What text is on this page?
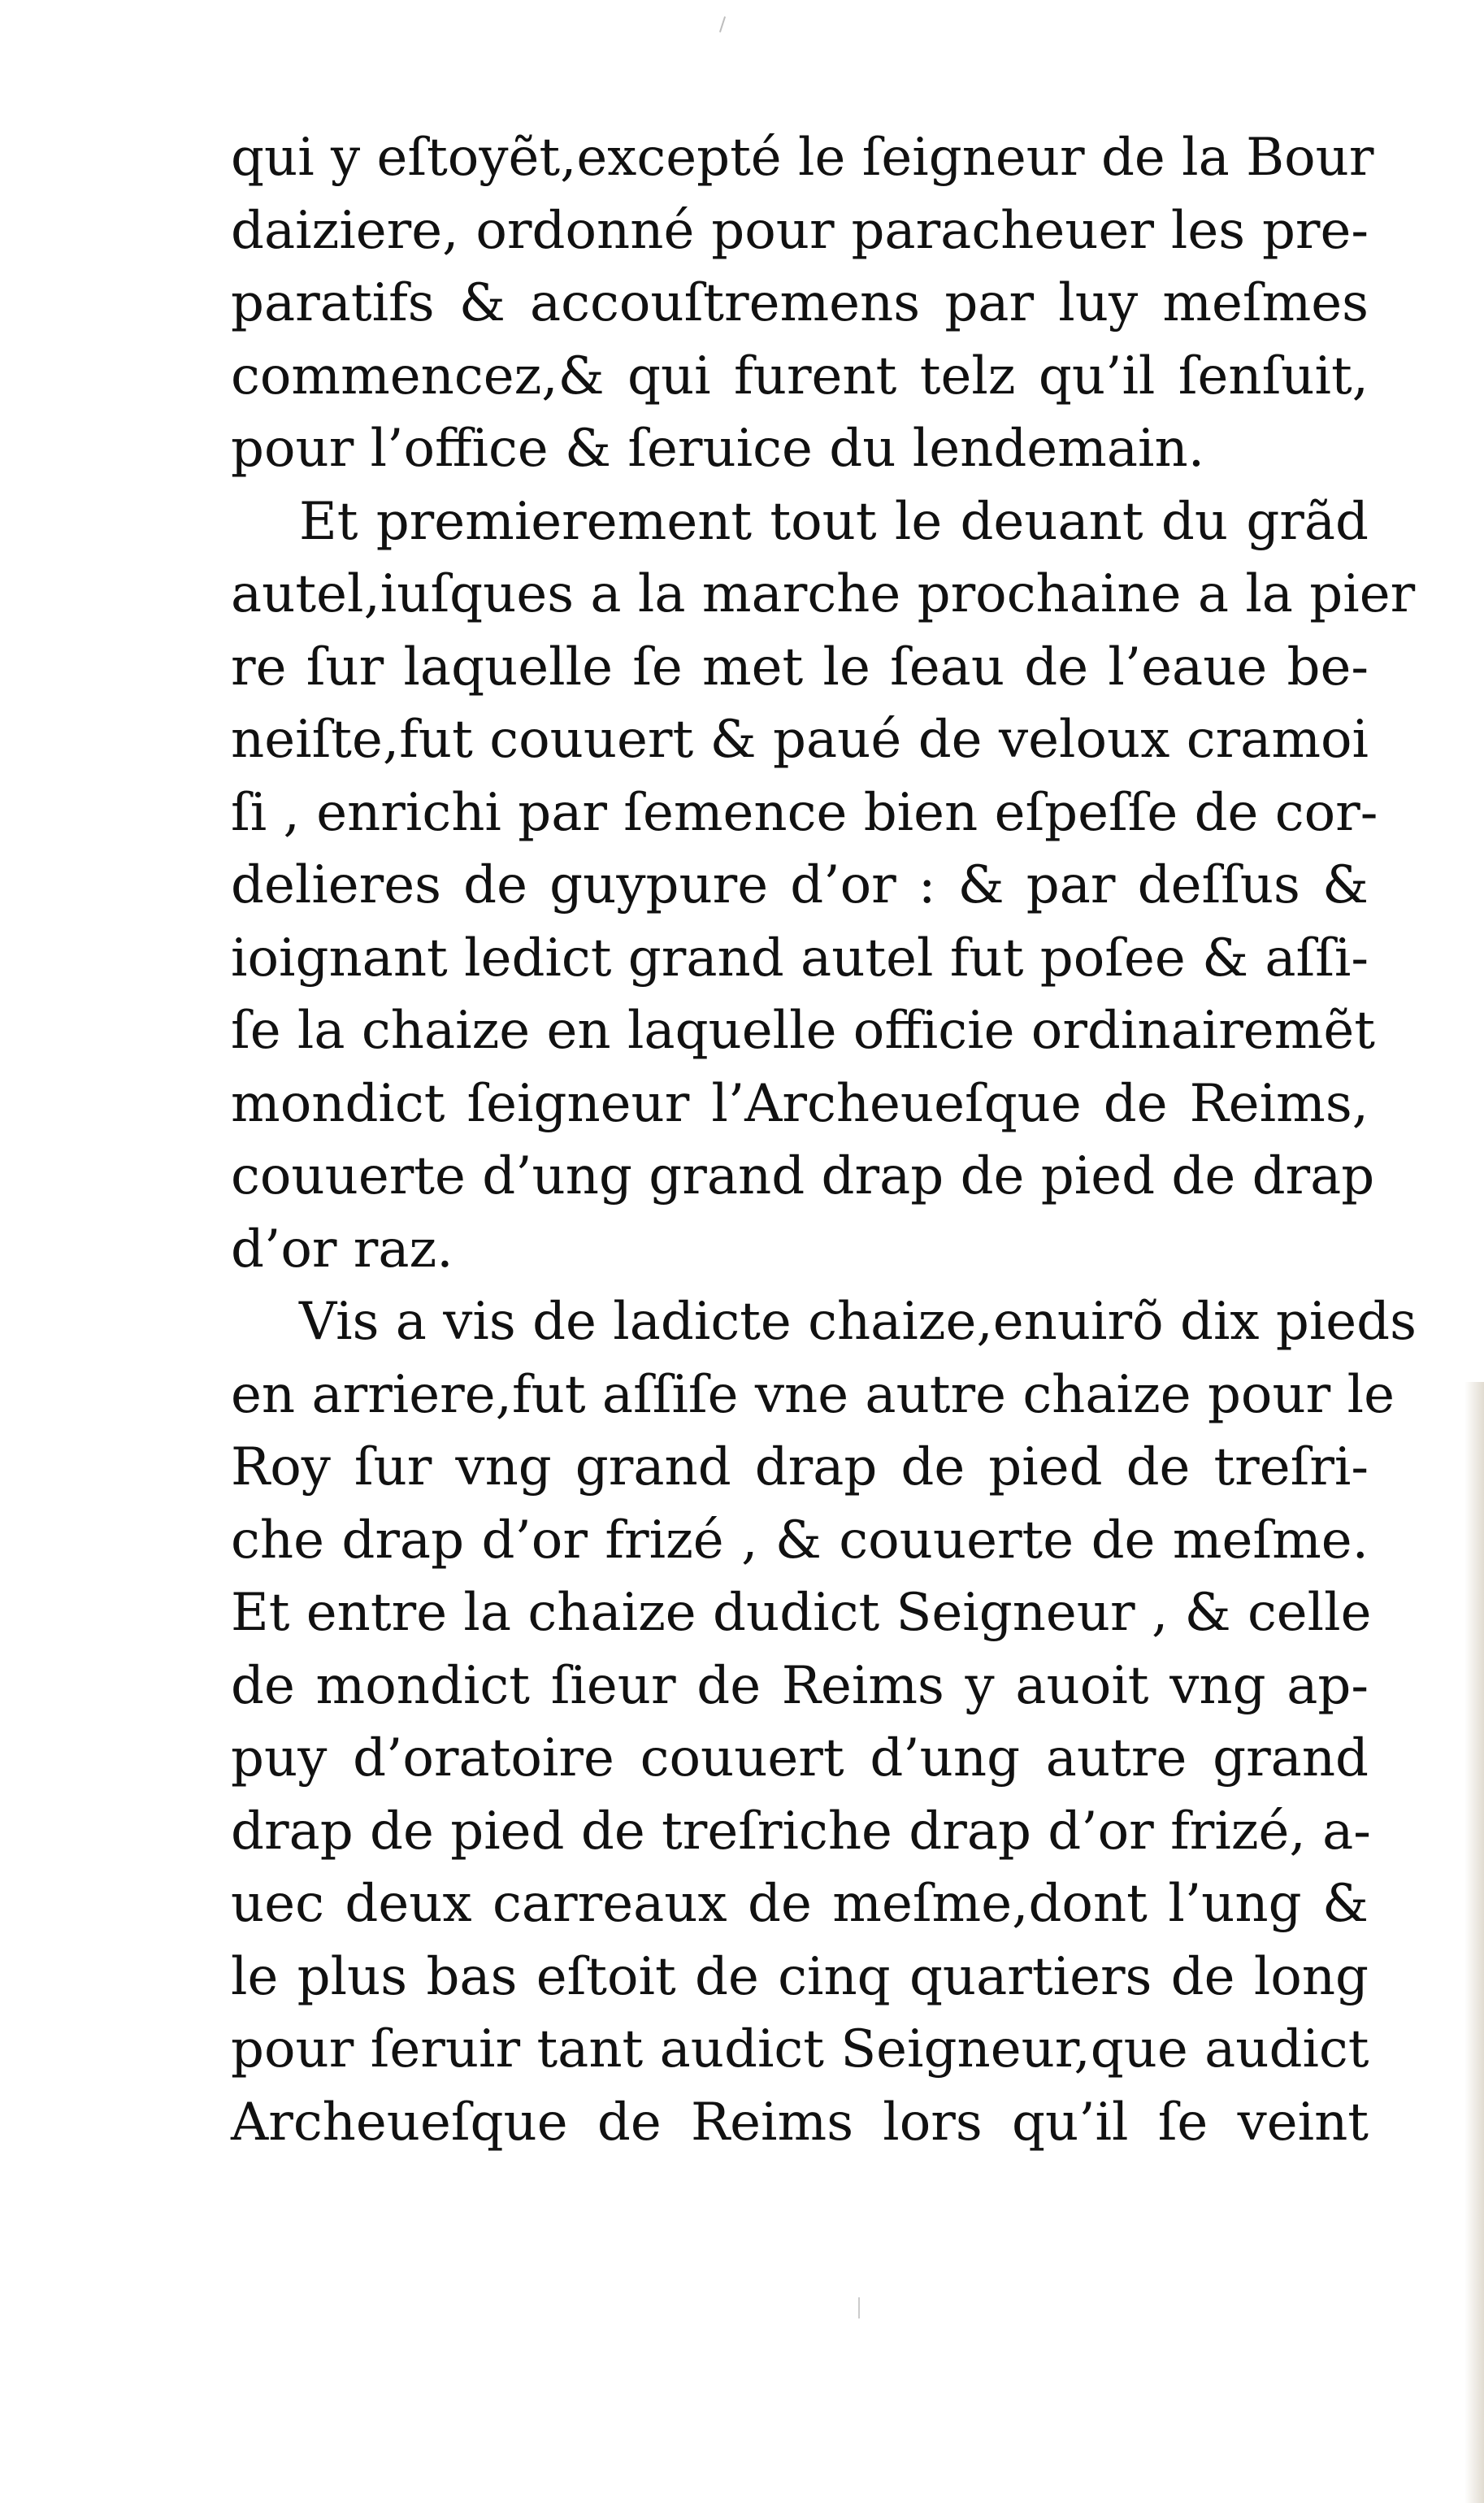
qui y eſtoyẽt,excepté le ſeigneur de la Bour
daiziere, ordonné pour paracheuer les pre-
paratifs & accouſtremens par luy meſmes
commencez,& qui furent telz qu’il ſenſuit,
pour l’office & ſeruice du lendemain.
Et premierement tout le deuant du grãd
autel,iuſques a la marche prochaine a la pier
re ſur laquelle ſe met le ſeau de l’eaue be-
neiſte,fut couuert & paué de veloux cramoi
ſi , enrichi par ſemence bien eſpeſſe de cor-
delieres de guypure d’or : & par deſſus &
ioignant ledict grand autel fut poſee & aſſi-
ſe la chaize en laquelle officie ordinairemẽt
mondict ſeigneur l’Archeueſque de Reims,
couuerte d’ung grand drap de pied de drap
d’or raz.
Vis a vis de ladicte chaize,enuirõ dix pieds
en arriere,fut aſſiſe vne autre chaize pour le
Roy ſur vng grand drap de pied de treſri-
che drap d’or frizé , & couuerte de meſme.
Et entre la chaize dudict Seigneur , & celle
de mondict ſieur de Reims y auoit vng ap-
puy d’oratoire couuert d’ung autre grand
drap de pied de treſriche drap d’or frizé, a-
uec deux carreaux de meſme,dont l’ung &
le plus bas eſtoit de cinq quartiers de long
pour ſeruir tant audict Seigneur,que audict
Archeueſque de Reims lors qu’il ſe veint
